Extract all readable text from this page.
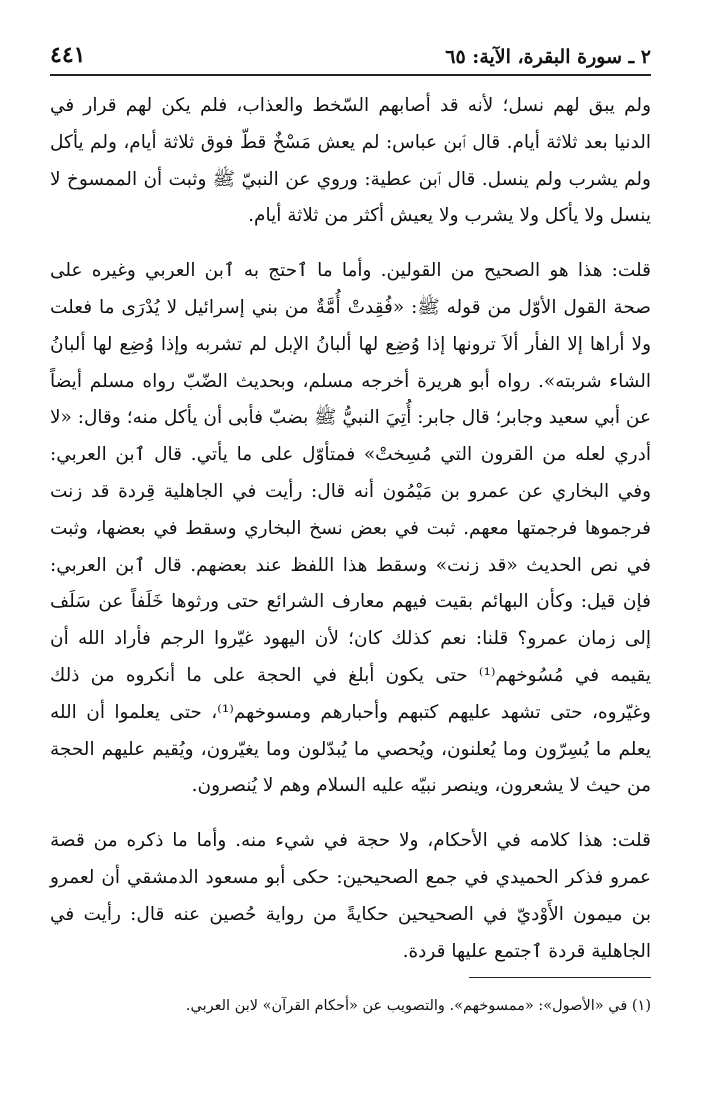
٢ ـ سورة البقرة، الآية: ٦٥
٤٤١

ولم يبق لهم نسل؛ لأنه قد أصابهم السّخط والعذاب، فلم يكن لهم قرار في الدنيا بعد ثلاثة أيام. قال ٱبن عباس: لم يعش مَسْخٌ قطّ فوق ثلاثة أيام، ولم يأكل ولم يشرب ولم ينسل. قال ٱبن عطية: وروي عن النبيّ ﷺ وثبت أن الممسوخ لا ينسل ولا يأكل ولا يشرب ولا يعيش أكثر من ثلاثة أيام.

قلت: هذا هو الصحيح من القولين. وأما ما ٱحتج به ٱبن العربي وغيره على صحة القول الأوّل من قوله ﷺ: «فُقِدتْ أُمَّةٌ من بني إسرائيل لا يُدْرَى ما فعلت ولا أراها إلا الفأر ألاَ ترونها إذا وُضِع لها ألبانُ الإبل لم تشربه وإذا وُضِع لها ألبانُ الشاء شربته». رواه أبو هريرة أخرجه مسلم، وبحديث الضّبّ رواه مسلم أيضاً عن أبي سعيد وجابر؛ قال جابر: أُتِيَ النبيُّ ﷺ بضبّ فأبى أن يأكل منه؛ وقال: «لا أدري لعله من القرون التي مُسِختْ» فمتأوّل على ما يأتي. قال ٱبن العربي: وفي البخاري عن عمرو بن مَيْمُون أنه قال: رأيت في الجاهلية قِردة قد زنت فرجموها فرجمتها معهم. ثبت في بعض نسخ البخاري وسقط في بعضها، وثبت في نص الحديث «قد زنت» وسقط هذا اللفظ عند بعضهم. قال ٱبن العربي: فإن قيل: وكأن البهائم بقيت فيهم معارف الشرائع حتى ورثوها خَلَفاً عن سَلَف إلى زمان عمرو؟ قلنا: نعم كذلك كان؛ لأن اليهود غيّروا الرجم فأراد الله أن يقيمه في مُسُوخهم⁽¹⁾ حتى يكون أبلغ في الحجة على ما أنكروه من ذلك وغيّروه، حتى تشهد عليهم كتبهم وأحبارهم ومسوخهم⁽¹⁾، حتى يعلموا أن الله يعلم ما يُسِرّون وما يُعلنون، ويُحصي ما يُبدّلون وما يغيّرون، ويُقيم عليهم الحجة من حيث لا يشعرون، وينصر نبيّه عليه السلام وهم لا يُنصرون.

قلت: هذا كلامه في الأحكام، ولا حجة في شيء منه. وأما ما ذكره من قصة عمرو فذكر الحميدي في جمع الصحيحين: حكى أبو مسعود الدمشقي أن لعمرو بن ميمون الأَوْديّ في الصحيحين حكايةً من رواية حُصين عنه قال: رأيت في الجاهلية قردة ٱجتمع عليها قردة.

(١) في «الأصول»: «ممسوخهم». والتصويب عن «أحكام القرآن» لابن العربي.
